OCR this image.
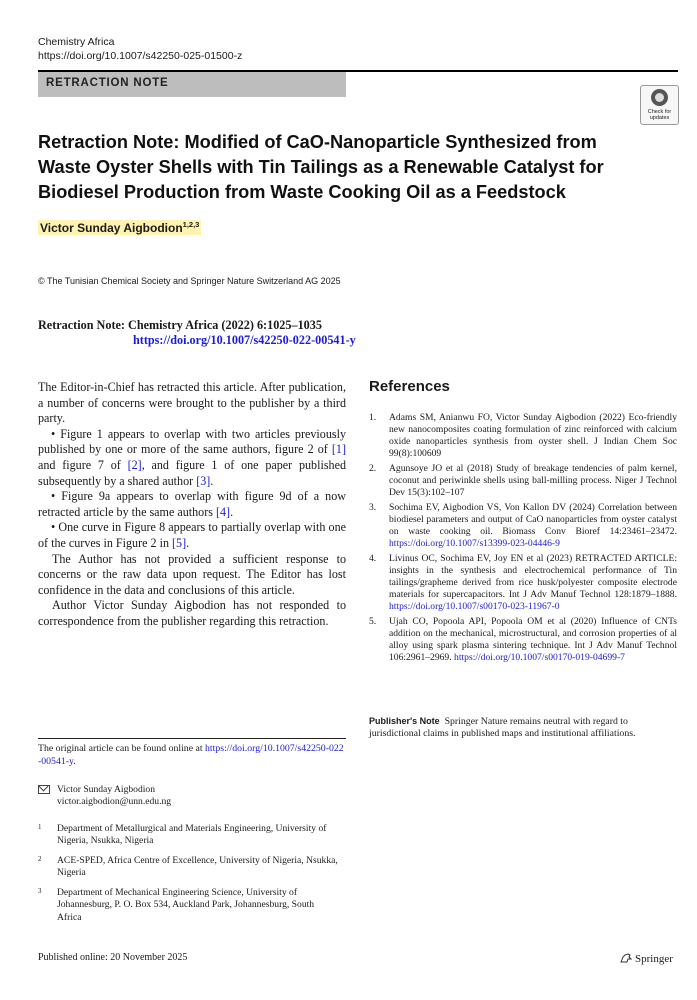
Chemistry Africa
https://doi.org/10.1007/s42250-025-01500-z
RETRACTION NOTE
Check for
updates
Retraction Note: Modified of CaO-Nanoparticle Synthesized from Waste Oyster Shells with Tin Tailings as a Renewable Catalyst for Biodiesel Production from Waste Cooking Oil as a Feedstock
Victor Sunday Aigbodion$^{1,2,3}$
© The Tunisian Chemical Society and Springer Nature Switzerland AG 2025
Retraction Note: Chemistry Africa (2022) 6:1025–1035
https://doi.org/10.1007/s42250-022-00541-y

The Editor-in-Chief has retracted this article. After publication, a number of concerns were brought to the publisher by a third party.

• Figure 1 appears to overlap with two articles previously published by one or more of the same authors, figure 2 of [1] and figure 7 of [2], and figure 1 of one paper published subsequently by a shared author [3].

• Figure 9a appears to overlap with figure 9d of a now retracted article by the same authors [4].

• One curve in Figure 8 appears to partially overlap with one of the curves in Figure 2 in [5].

The Author has not provided a sufficient response to concerns or the raw data upon request. The Editor has lost confidence in the data and conclusions of this article.

Author Victor Sunday Aigbodion has not responded to correspondence from the publisher regarding this retraction.

References
1. Adams SM, Anianwu FO, Victor Sunday Aigbodion (2022) Eco-friendly new nanocomposites coating formulation of zinc reinforced with calcium oxide nanoparticles synthesis from oyster shell. J Indian Chem Soc 99(8):100609
2. Agunsoye JO et al (2018) Study of breakage tendencies of palm kernel, coconut and periwinkle shells using ball-milling process. Niger J Technol Dev 15(3):102–107
3. Sochima EV, Aigbodion VS, Von Kallon DV (2024) Correlation between biodiesel parameters and output of CaO nanoparticles from oyster catalyst on waste cooking oil. Biomass Conv Bioref 14:23461–23472. https://doi.org/10.1007/s13399-023-04446-9
4. Livinus OC, Sochima EV, Joy EN et al (2023) RETRACTED ARTICLE: insights in the synthesis and electrochemical performance of Tin tailings/grapheme derived from rice husk/polyester composite electrode materials for supercapacitors. Int J Adv Manuf Technol 128:1879–1888. https://doi.org/10.1007/s00170-023-11967-0
5. Ujah CO, Popoola API, Popoola OM et al (2020) Influence of CNTs addition on the mechanical, microstructural, and corrosion properties of al alloy using spark plasma sintering technique. Int J Adv Manuf Technol 106:2961–2969. https://doi.org/10.1007/s00170-019-04699-7
Publisher's Note Springer Nature remains neutral with regard to jurisdictional claims in published maps and institutional affiliations.
The original article can be found online at https://doi.org/10.1007/s42250-022-00541-y.
Victor Sunday Aigbodion
victor.aigbodion@unn.edu.ng
1	Department of Metallurgical and Materials Engineering, University of Nigeria, Nsukka, Nigeria
2	ACE-SPED, Africa Centre of Excellence, University of Nigeria, Nsukka, Nigeria
3	Department of Mechanical Engineering Science, University of Johannesburg, P. O. Box 534, Auckland Park, Johannesburg, South Africa
Published online: 20 November 2025	Springer
